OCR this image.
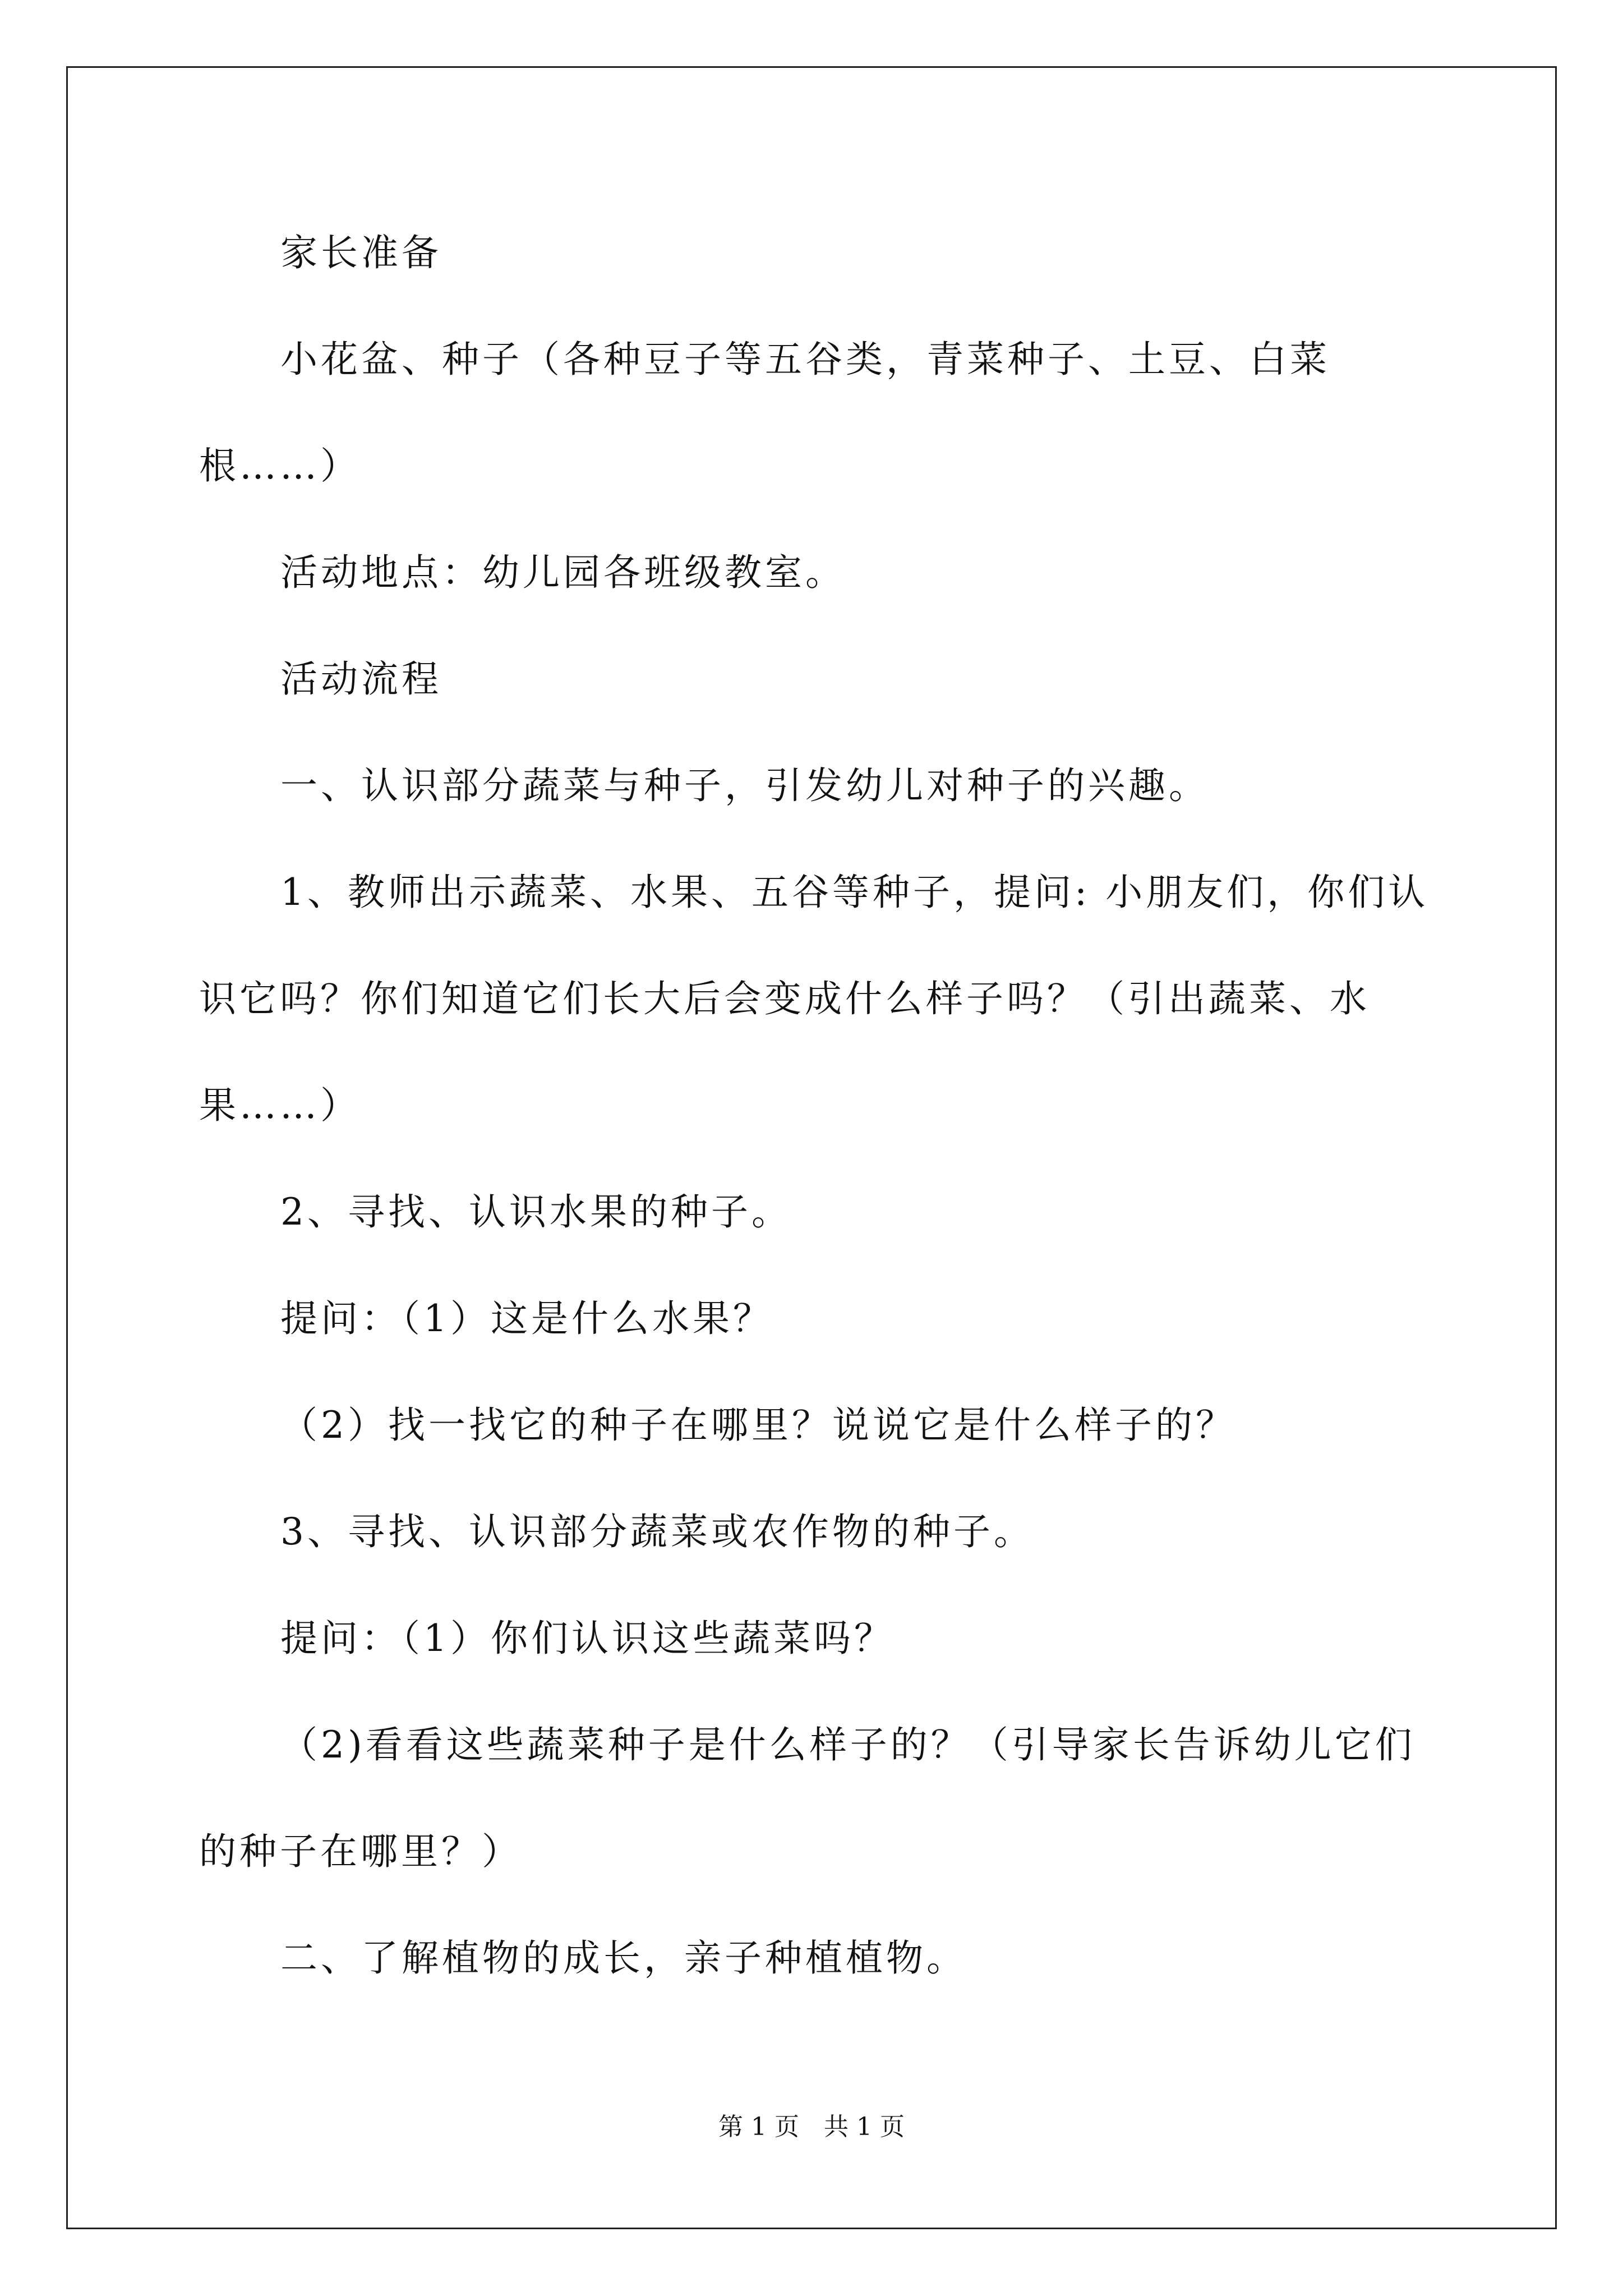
家长准备
小花盆、种子（各种豆子等五谷类，青菜种子、土豆、白菜
根……）
活动地点：幼儿园各班级教室。
活动流程
一、认识部分蔬菜与种子，引发幼儿对种子的兴趣。
1、教师出示蔬菜、水果、五谷等种子，提问: 小朋友们，你们认
识它吗？你们知道它们长大后会变成什么样子吗？（引出蔬菜、水
果……）
2、寻找、认识水果的种子。
提问：（1）这是什么水果？
（2）找一找它的种子在哪里？说说它是什么样子的？
3、寻找、认识部分蔬菜或农作物的种子。
提问：（1）你们认识这些蔬菜吗？
（2)看看这些蔬菜种子是什么样子的？（引导家长告诉幼儿它们
的种子在哪里？）
二、了解植物的成长，亲子种植植物。
第 1 页　共 1 页
